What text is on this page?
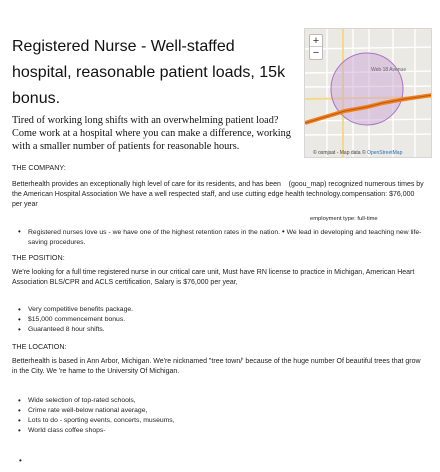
Registered Nurse - Well-staffed hospital, reasonable patient loads, 15k bonus.
Web 18 Avenue
+
−
© osmjsat - Map data © OpenStreetMap
Tired of working long shifts with an overwhelming patient load? Come work at a hospital where you can make a difference, working with a smaller number of patients for reasonable hours.
THE COMPANY:
Betterhealth provides an exceptionally high level of care for its residents, and has been    (goou_map) recognized numerous times by the American Hospital Association We have a well respected staff, and use cutting edge health technology.compensation: $76,000 per year
employment type: full-time
• Registered nurses love us - we have one of the highest retention rates in the nation. • We lead in developing and teaching new life-saving procedures.
THE POSITION:
We're looking for a full time registered nurse in our critical care unit, Must have RN license to practice in Michigan, American Heart Association BLS/CPR and ACLS certification, Salary is $76,000 per year,
• Very competitive benefits package.
• $15,000 commencement bonus.
• Guaranteed 8 hour shifts.
THE LOCATION:
Betterhealth is based in Ann Arbor, Michigan. We're nicknamed "tree town/' because of the huge number Of beautiful trees that grow in the City. We 're hame to the University Of Michigan.
• Wide selection of top-rated schools,
• Crime rate well-below national average,
• Lots to do - sporting events, concerts, museums,
• World class coffee shops-
•
